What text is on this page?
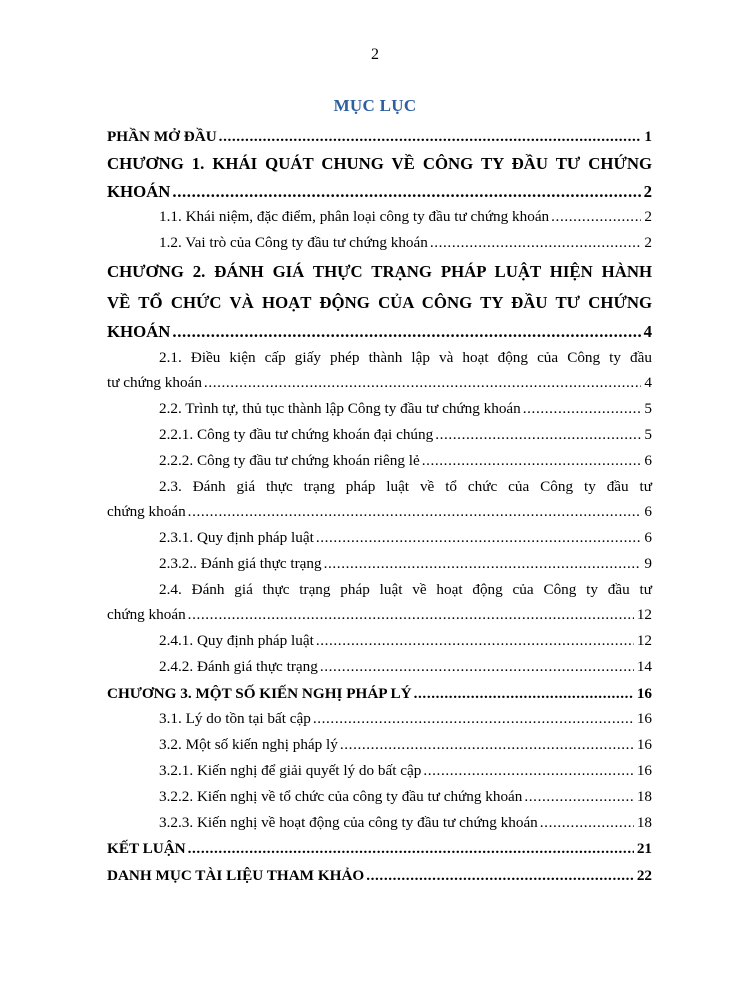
2
MỤC LỤC
PHẦN MỞ ĐẦU .....	1
CHƯƠNG 1. KHÁI QUÁT CHUNG VỀ CÔNG TY ĐẦU TƯ CHỨNG
KHOÁN .....	2
1.1. Khái niệm, đặc điểm, phân loại công ty đầu tư chứng khoán .....	2
1.2. Vai trò của Công ty đầu tư chứng khoán .....	2
CHƯƠNG 2. ĐÁNH GIÁ THỰC TRẠNG PHÁP LUẬT HIỆN HÀNH
VỀ TỔ CHỨC VÀ HOẠT ĐỘNG CỦA CÔNG TY ĐẦU TƯ CHỨNG
KHOÁN .....	4
2.1. Điều kiện cấp giấy phép thành lập và hoạt động của Công ty đầu
tư chứng khoán .....	4
2.2. Trình tự, thủ tục thành lập Công ty đầu tư chứng khoán .....	5
2.2.1. Công ty đầu tư chứng khoán đại chúng .....	5
2.2.2. Công ty đầu tư chứng khoán riêng lẻ .....	6
2.3. Đánh giá thực trạng pháp luật về tổ chức của Công ty đầu tư
chứng khoán .....	6
2.3.1. Quy định pháp luật .....	6
2.3.2.. Đánh giá thực trạng .....	9
2.4. Đánh giá thực trạng pháp luật về hoạt động của Công ty đầu tư
chứng khoán .....	12
2.4.1. Quy định pháp luật .....	12
2.4.2. Đánh giá thực trạng .....	14
CHƯƠNG 3. MỘT SỐ KIẾN NGHỊ PHÁP LÝ .....	16
3.1. Lý do tồn tại bất cập .....	16
3.2. Một số kiến nghị pháp lý .....	16
3.2.1. Kiến nghị để giải quyết lý do bất cập .....	16
3.2.2. Kiến nghị về tổ chức của công ty đầu tư chứng khoán .....	18
3.2.3. Kiến nghị về hoạt động của công ty đầu tư chứng khoán .....	18
KẾT LUẬN .....	21
DANH MỤC TÀI LIỆU THAM KHẢO .....	22
